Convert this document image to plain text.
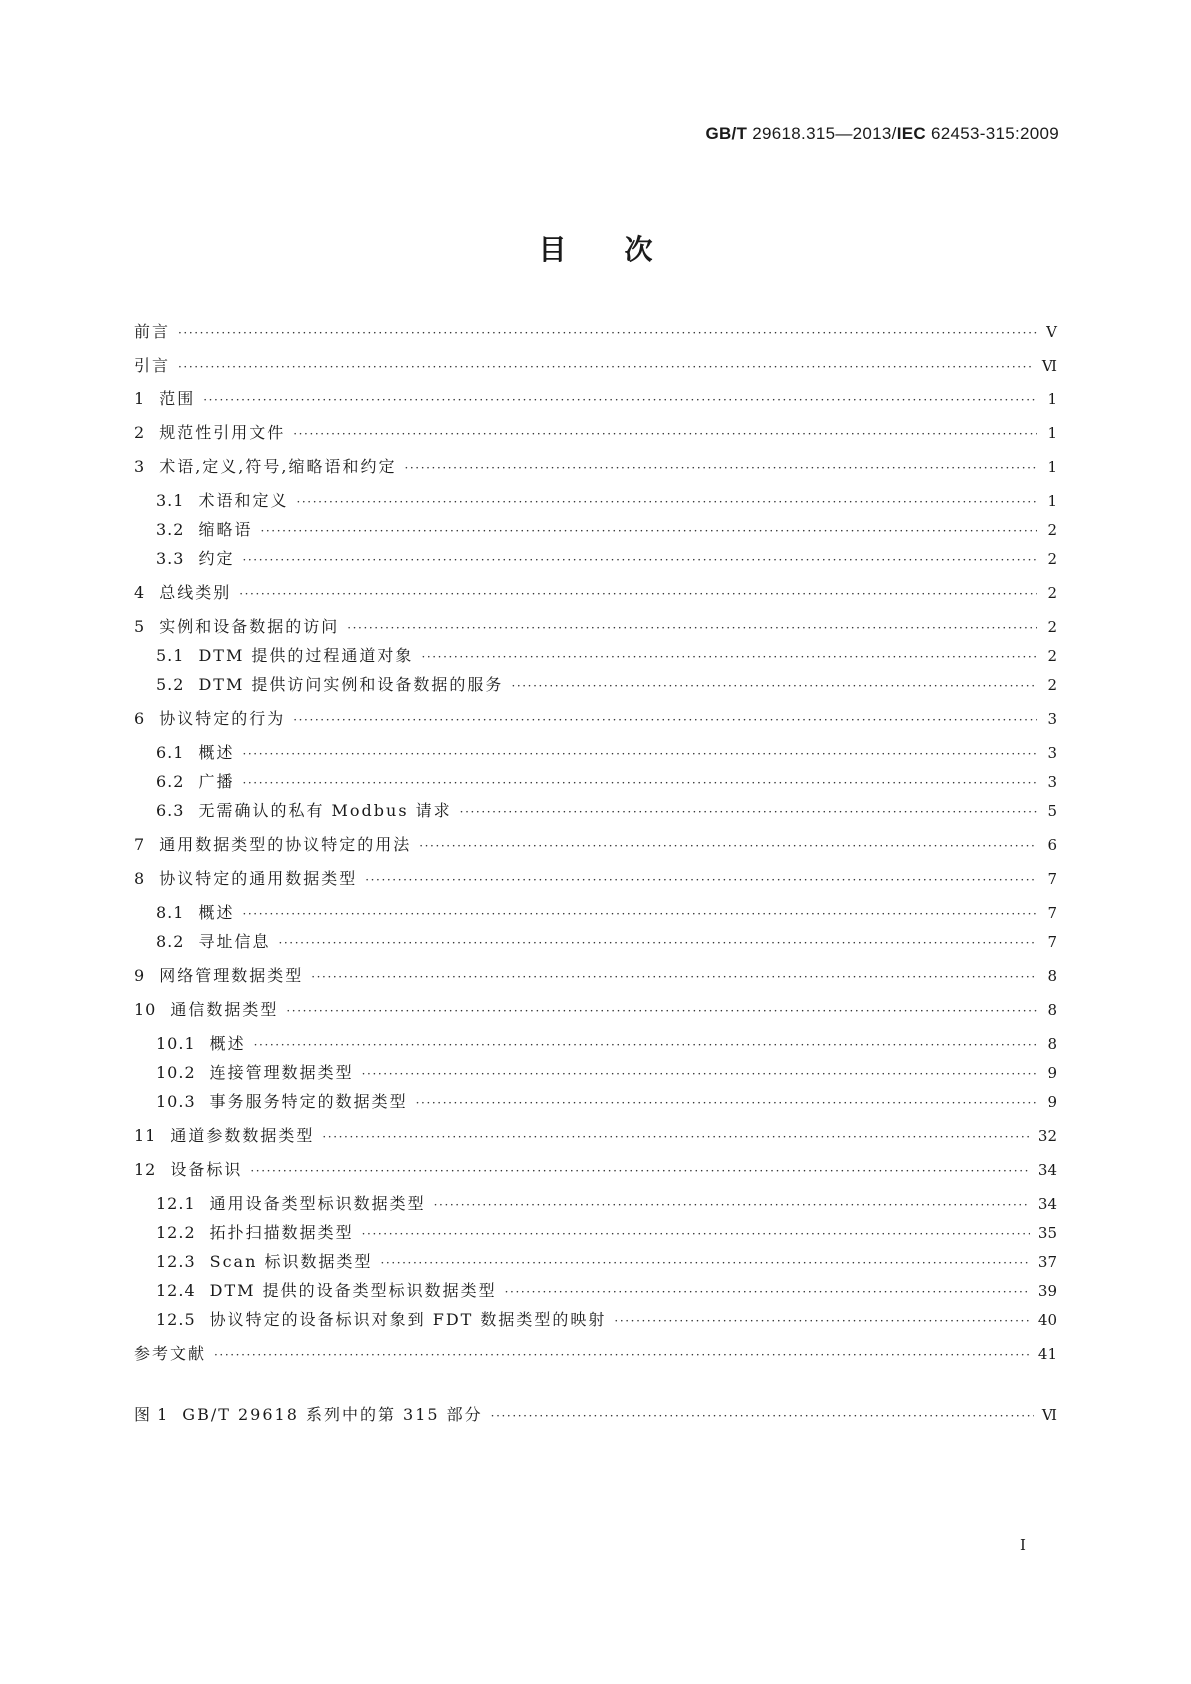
GB/T 29618.315—2013/IEC 62453-315:2009
目次
前言 ·····	Ⅴ
引言 ·····	Ⅵ
1 范围 ·····	1
2 规范性引用文件 ·····	1
3 术语,定义,符号,缩略语和约定 ·····	1
3.1 术语和定义 ·····	1
3.2 缩略语 ·····	2
3.3 约定 ·····	2
4 总线类别 ·····	2
5 实例和设备数据的访问 ·····	2
5.1 DTM 提供的过程通道对象 ·····	2
5.2 DTM 提供访问实例和设备数据的服务 ·····	2
6 协议特定的行为 ·····	3
6.1 概述 ·····	3
6.2 广播 ·····	3
6.3 无需确认的私有 Modbus 请求 ·····	5
7 通用数据类型的协议特定的用法 ·····	6
8 协议特定的通用数据类型 ·····	7
8.1 概述 ·····	7
8.2 寻址信息 ·····	7
9 网络管理数据类型 ·····	8
10 通信数据类型 ·····	8
10.1 概述 ·····	8
10.2 连接管理数据类型 ·····	9
10.3 事务服务特定的数据类型 ·····	9
11 通道参数数据类型 ·····	32
12 设备标识 ·····	34
12.1 通用设备类型标识数据类型 ·····	34
12.2 拓扑扫描数据类型 ·····	35
12.3 Scan 标识数据类型 ·····	37
12.4 DTM 提供的设备类型标识数据类型 ·····	39
12.5 协议特定的设备标识对象到 FDT 数据类型的映射 ·····	40
参考文献 ·····	41
图 1 GB/T 29618 系列中的第 315 部分 ·····	Ⅵ
I
